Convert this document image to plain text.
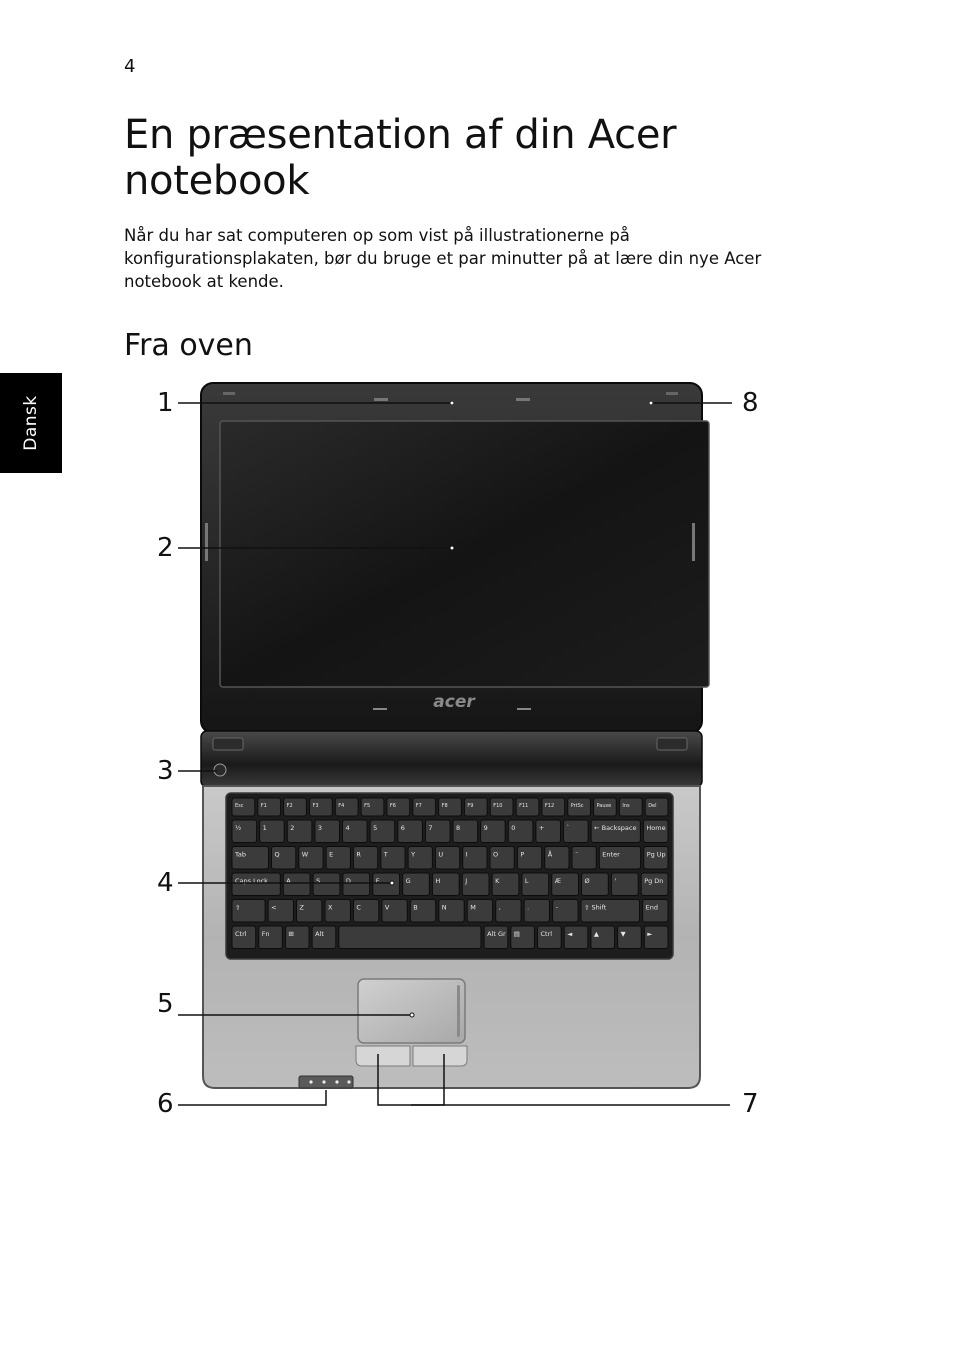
4
En præsentation af din Acer notebook

Når du har sat computeren op som vist på illustrationerne på konfigurationsplakaten, bør du bruge et par minutter på at lære din nye Acer notebook at kende.

Fra oven
Dansk
acer
Esc	F1	F2	F3	F4	F5	F6	F7	F8	F9	F10	F11	F12	PrtSc	Pause Ins	Del
½	1	2	3	4	5	6	7	8	9	0	+	`	← Backspace Home
Tab	Q	W	E	R	T	Y	U	I	O	P	Å	¨	Enter	Pg Up
Caps Lock	A	S	D	F	G	H	J	K	L	Æ	Ø	'	Pg Dn
⇧	<	Z	X	C	V	B	N	M	,	.	-	⇧ Shift	End
Ctrl Fn	⊞	Alt	Alt Gr ▤	Ctrl ◄	▲	▼	►
1
2
3
4
5
6	7
8
